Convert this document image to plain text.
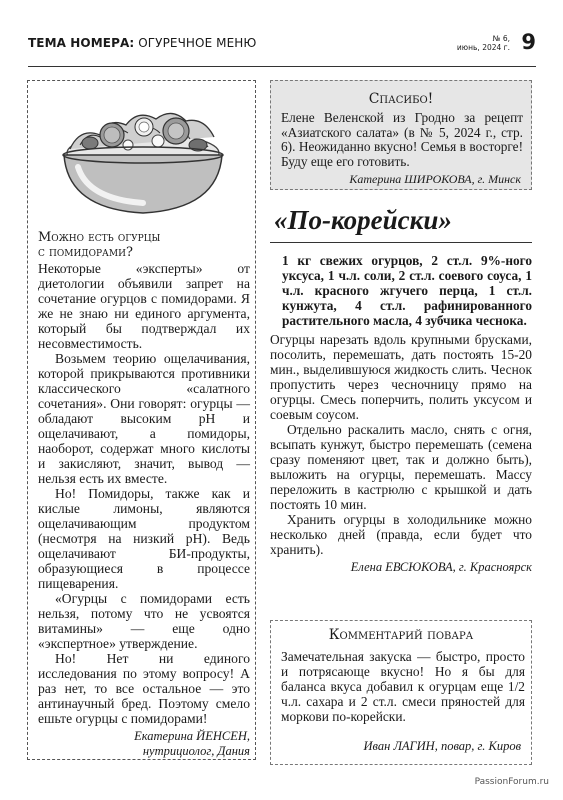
ТЕМА НОМЕРА: ОГУРЕЧНОЕ МЕНЮ	№ 6,
июнь, 2024 г. 9
Можно есть огурцы
с помидорами?

Некоторые «эксперты» от диетологии объявили запрет на сочетание огурцов с помидорами. Я же не знаю ни единого аргумента, который бы подтверждал их несовместимость.

Возьмем теорию ощелачивания, которой прикрываются противники классического «салатного сочетания». Они говорят: огурцы — обладают высоким pH и ощелачивают, а помидоры, наоборот, содержат много кислоты и закисляют, значит, вывод — нельзя есть их вместе.

Но! Помидоры, также как и кислые лимоны, являются ощелачивающим продуктом (несмотря на низкий pH). Ведь ощелачивают БИ-продукты, образующиеся в процессе пищеварения.

«Огурцы с помидорами есть нельзя, потому что не усвоятся витамины» — еще одно «экспертное» утверждение.

Но! Нет ни единого исследования по этому вопросу! А раз нет, то все остальное — это антинаучный бред. Поэтому смело ешьте огурцы с помидорами!

Екатерина ЙЕНСЕН,

нутрициолог, Дания

Спасибо!
Елене Веленской из Гродно за рецепт «Азиатского салата» (в № 5, 2024 г., стр. 6). Неожиданно вкусно! Семья в восторге! Буду еще его готовить.
Катерина ШИРОКОВА, г. Минск
«По-корейски»

1 кг свежих огурцов, 2 ст.л. 9%-ного уксуса, 1 ч.л. соли, 2 ст.л. соевого соуса, 1 ч.л. красного жгучего перца, 1 ст.л. кунжута, 4 ст.л. рафинированного растительного масла, 4 зубчика чеснока.

Огурцы нарезать вдоль крупными брусками, посолить, перемешать, дать постоять 15-20 мин., выделившуюся жидкость слить. Чеснок пропустить через чесночницу прямо на огурцы. Смесь поперчить, полить уксусом и соевым соусом.

Отдельно раскалить масло, снять с огня, всыпать кунжут, быстро перемешать (семена сразу поменяют цвет, так и должно быть), выложить на огурцы, перемешать. Массу переложить в кастрюлю с крышкой и дать постоять 10 мин.

Хранить огурцы в холодильнике можно несколько дней (правда, если будет что хранить).

Елена ЕВСЮКОВА, г. Красноярск

Комментарий повара
Замечательная закуска — быстро, просто и потрясающе вкусно! Но я бы для баланса вкуса добавил к огурцам еще 1/2 ч.л. сахара и 2 ст.л. смеси пряностей для моркови по-корейски.
Иван ЛАГИН, повар, г. Киров
PassionForum.ru
